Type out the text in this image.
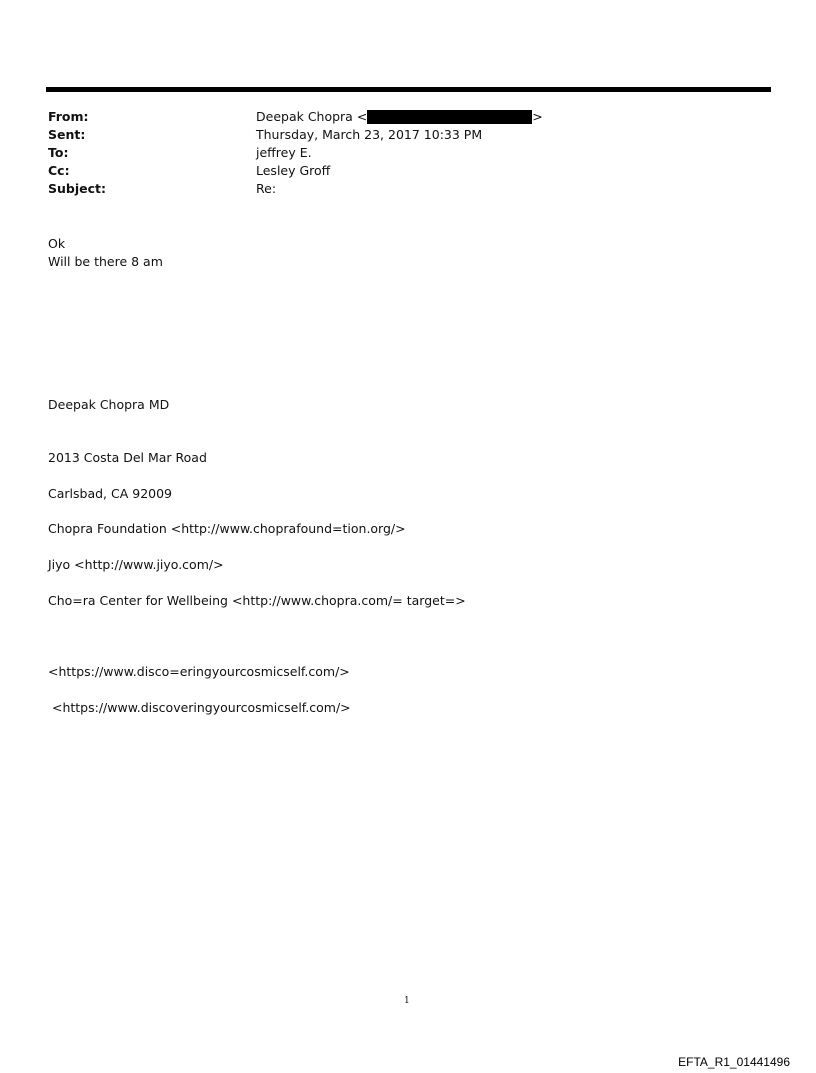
From:	Deepak Chopra <	>
Sent:	Thursday, March 23, 2017 10:33 PM
To:	jeffrey E.
Cc:	Lesley Groff
Subject:	Re:
Ok
Will be there 8 am
Deepak Chopra MD
2013 Costa Del Mar Road
Carlsbad, CA 92009
Chopra Foundation <http://www.choprafound=tion.org/>
Jiyo <http://www.jiyo.com/>
Cho=ra Center for Wellbeing <http://www.chopra.com/= target=>
<https://www.disco=eringyourcosmicself.com/>
<https://www.discoveringyourcosmicself.com/>
1
EFTA_R1_01441496
